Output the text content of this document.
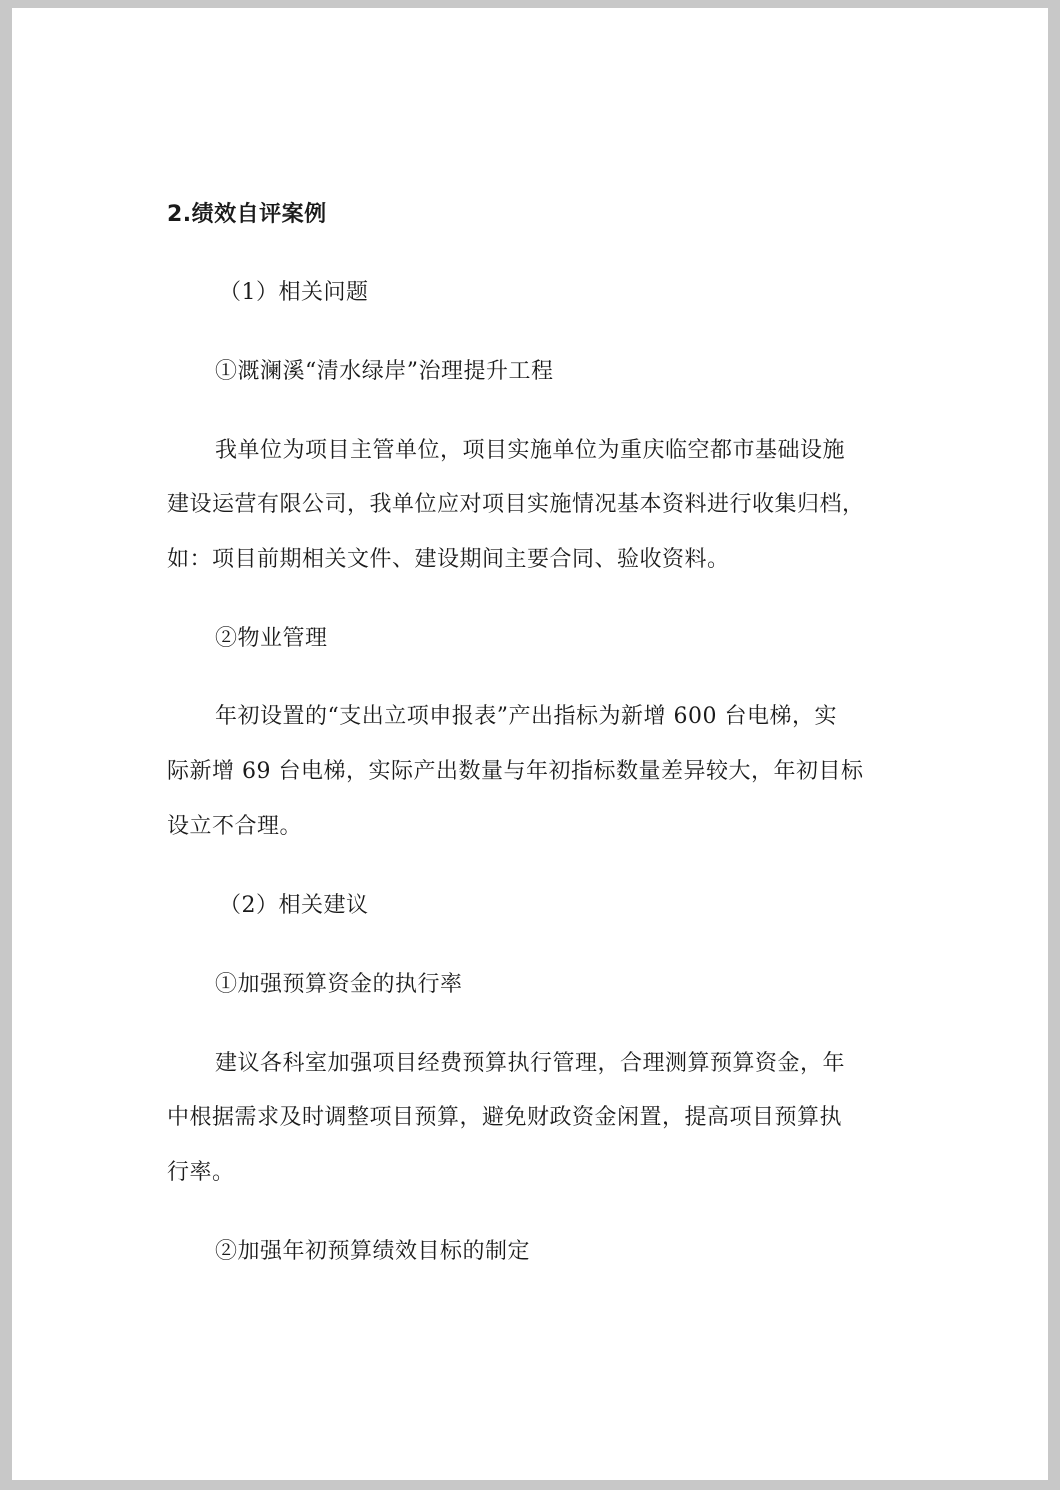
2.绩效自评案例
（1）相关问题
①溉澜溪“清水绿岸”治理提升工程
我单位为项目主管单位，项目实施单位为重庆临空都市基础设施
建设运营有限公司，我单位应对项目实施情况基本资料进行收集归档，
如：项目前期相关文件、建设期间主要合同、验收资料。
②物业管理
年初设置的“支出立项申报表”产出指标为新增 600 台电梯，实
际新增 69 台电梯，实际产出数量与年初指标数量差异较大，年初目标
设立不合理。
（2）相关建议
①加强预算资金的执行率
建议各科室加强项目经费预算执行管理，合理测算预算资金，年
中根据需求及时调整项目预算，避免财政资金闲置，提高项目预算执
行率。
②加强年初预算绩效目标的制定
